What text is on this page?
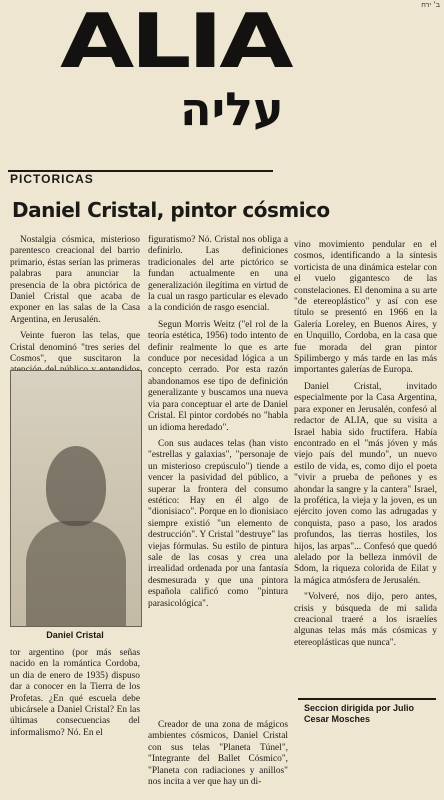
ב׳ ירח
ALIA
עליה
PICTORICAS
Daniel Cristal, pintor cósmico

Nostalgia cósmica, misterioso parentesco creacional del barrio primario, éstas serían las primeras palabras para anunciar la presencia de la obra pictórica de Daniel Cristal que acaba de exponer en las salas de la Casa Argentina, en Jerusalén.

Veinte fueron las telas, que Cristal denominó "tres series del Cosmos", que suscitaron la

Daniel Cristal

tor argentino (por más señas nacido en la romántica Cordoba, un dia de enero de 1935) dispuso dar a conocer en la Tierra de los Profetas. ¿En qué escuela debe ubicársele a Daniel Cristal? En las últimas consecuencias del informalismo? Nó. En el

figuratismo? Nó. Cristal nos obliga a definirlo. Las definiciones tradicionales del arte pictórico se fundan actualmente en una generalización ilegítima en virtud de la cual un rasgo particular es elevado a la condición de rasgo esencial.

Segun Morris Weitz ("el rol de la teoría estética, 1956) todo intento de definir realmente lo que es arte conduce por necesidad lógica a un concepto cerrado. Por esta razón abandonamos ese tipo de definición generalizante y buscamos una nueva via para conceptuar el arte de Daniel Cristal. El pintor cordobés no "habla un idioma heredado".

Con sus audaces telas (han visto "estrellas y galaxias", "personaje de un misterioso crepúsculo") tiende a vencer la pasividad del público, a superar la frontera del consumo estético: Hay en él algo de "dionisiaco". Porque en lo dionisiaco siempre existió "un elemento de destrucción". Y Cristal "destruye" las viejas fórmulas. Su estilo de pintura sale de las cosas y crea una irrealidad ordenada por una fantasía desmesurada y que una pintora española calificó como "pintura parasicológica".

Creador de una zona de mágicos ambientes cósmicos, Daniel Cristal con sus telas "Planeta Túnel", "Integrante del Ballet Cósmico", "Planeta con radiaciones y anillos" nos incita a ver que hay un di-

vino movimiento pendular en el cosmos, identificando a la síntesis vorticista de una dinámica estelar con el vuelo gigantesco de las constelaciones. El denomina a su arte "de etereoplástico" y así con ese título se presentó en 1966 en la Galería Loreley, en Buenos Aires, y en Unquillo, Cordoba, en la casa que fue morada del gran pintor Spilimbergo y más tarde en las más importantes galerías de Europa.

Daniel Cristal, invitado especialmente por la Casa Argentina, para exponer en Jerusalén, confesó al redactor de ALIA, que su visita a Israel habia sido fructífera. Había encontrado en el "más jóven y más viejo país del mundo", un nuevo estilo de vida, es, como dijo el poeta "vivir a prueba de peñones y es ahondar la sangre y la cantera" Israel, la profética, la vieja y la joven, es un ejército joven como las adrugadas y conquista, paso a paso, los arados profundos, las tierras hostiles, los hijos, las arpas"... Confesó que quedó alelado por la belleza inmóvil de Sdom, la riqueza colorida de Eilat y la mágica atmósfera de Jerusalén.

"Volveré, nos dijo, pero antes, crisis y búsqueda de mi salida creacional traeré a los israelíes algunas telas más más cósmicas y etereoplásticas que nunca".

Seccion dirigida por Julio Cesar Mosches
